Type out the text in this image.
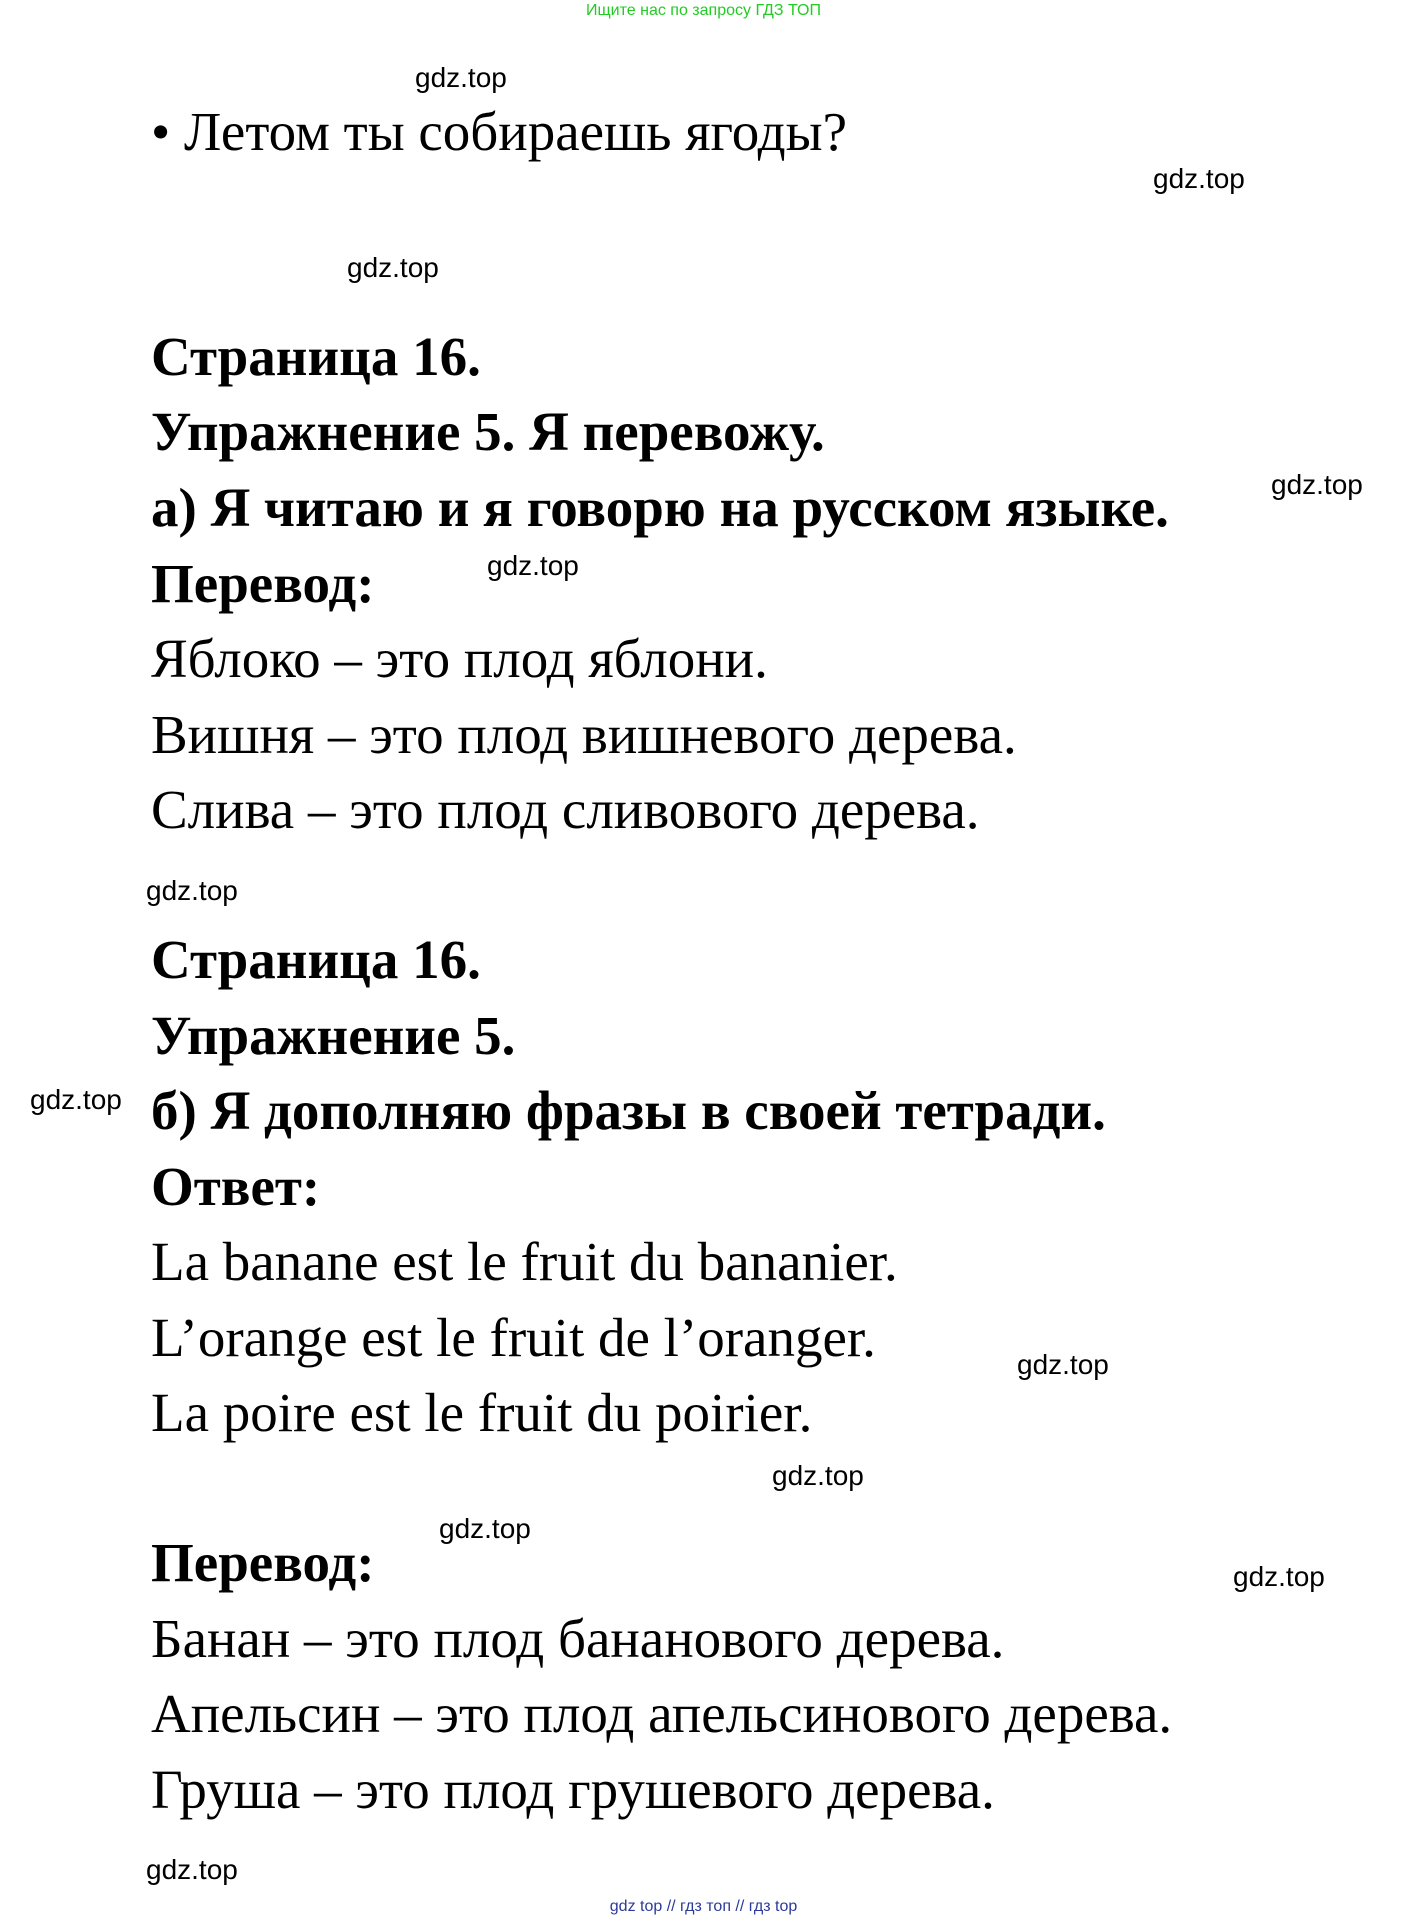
Ищите нас по запросу ГДЗ ТОП
• Летом ты собираешь ягоды?
Страница 16.
Упражнение 5. Я перевожу.
а) Я читаю и я говорю на русском языке.
Перевод:
Яблоко – это плод яблони.
Вишня – это плод вишневого дерева.
Слива – это плод сливового дерева.
Страница 16.
Упражнение 5.
б) Я дополняю фразы в своей тетради.
Ответ:
La banane est le fruit du bananier.
L’orange est le fruit de l’oranger.
La poire est le fruit du poirier.
Перевод:
Банан – это плод бананового дерева.
Апельсин – это плод апельсинового дерева.
Груша – это плод грушевого дерева.
gdz.top
gdz.top
gdz.top
gdz.top
gdz.top
gdz.top
gdz.top
gdz.top
gdz.top
gdz.top
gdz.top
gdz.top
gdz top // гдз топ // гдз top
